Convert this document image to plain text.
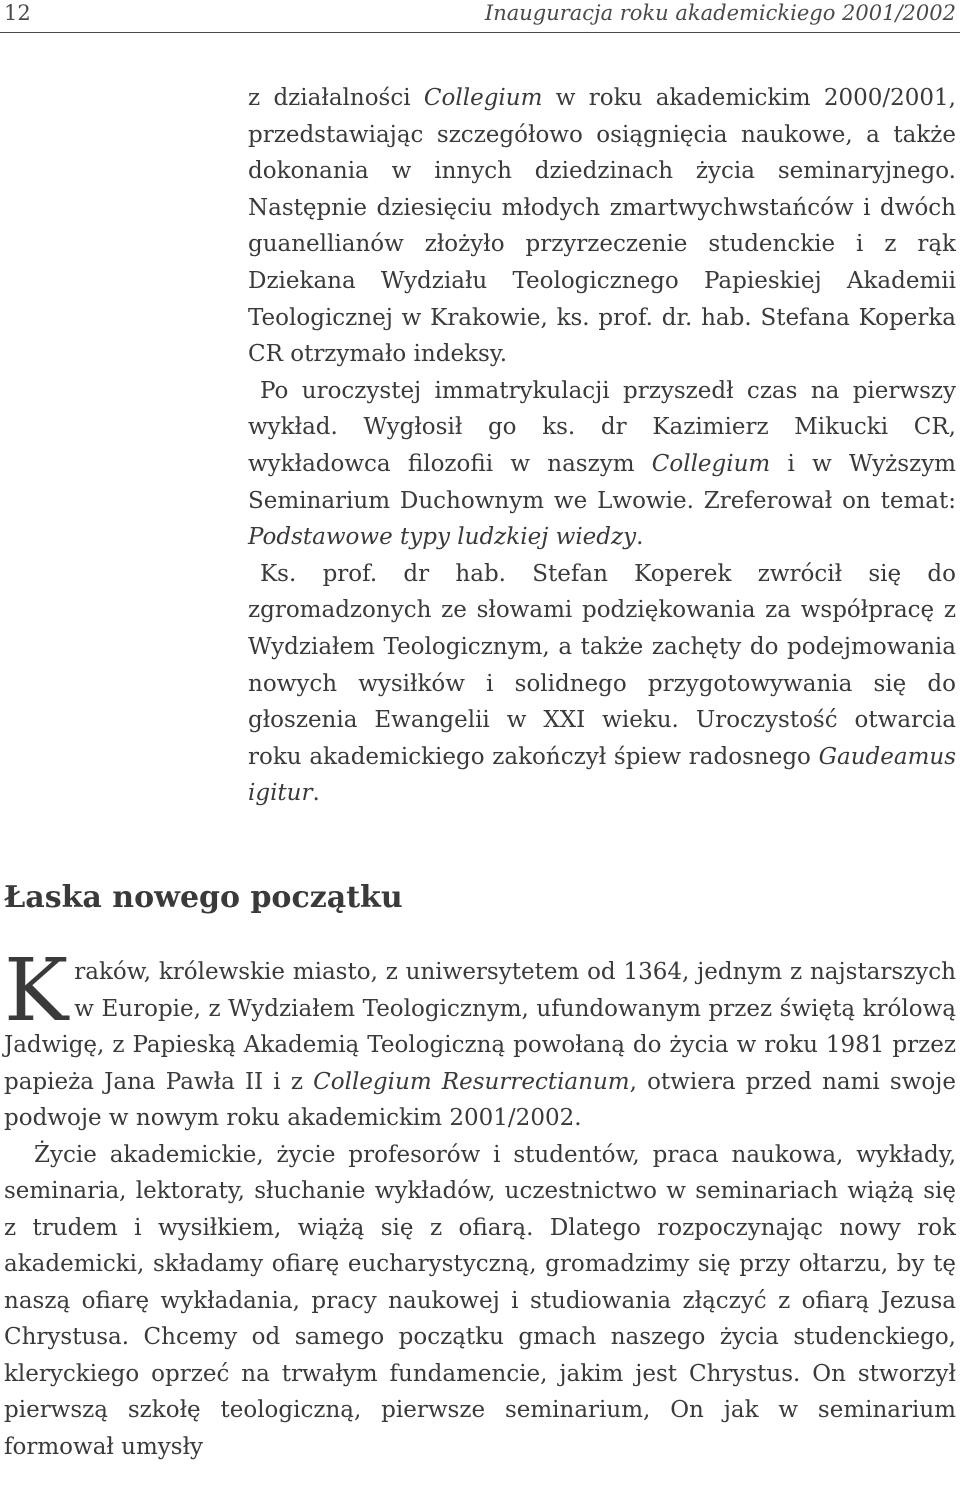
12	Inauguracja roku akademickiego 2001/2002

z działalności Collegium w roku akademickim 2000/2001, przedstawiając szczegółowo osiągnięcia naukowe, a także dokonania w innych dziedzinach życia seminaryjnego. Następnie dziesięciu młodych zmartwychwstańców i dwóch guanellianów złożyło przyrzeczenie studenckie i z rąk Dziekana Wydziału Teologicznego Papieskiej Akademii Teologicznej w Krakowie, ks. prof. dr. hab. Stefana Koperka CR otrzymało indeksy.

Po uroczystej immatrykulacji przyszedł czas na pierwszy wykład. Wygłosił go ks. dr Kazimierz Mikucki CR, wykładowca filozofii w naszym Collegium i w Wyższym Seminarium Duchownym we Lwowie. Zreferował on temat: Podstawowe typy ludzkiej wiedzy.

Ks. prof. dr hab. Stefan Koperek zwrócił się do zgromadzonych ze słowami podziękowania za współpracę z Wydziałem Teologicznym, a także zachęty do podejmowania nowych wysiłków i solidnego przygotowywania się do głoszenia Ewangelii w XXI wieku. Uroczystość otwarcia roku akademickiego zakończył śpiew radosnego Gaudeamus igitur.

Łaska nowego początku

Kraków, królewskie miasto, z uniwersytetem od 1364, jednym z najstarszych w Europie, z Wydziałem Teologicznym, ufundowanym przez świętą królową Jadwigę, z Papieską Akademią Teologiczną powołaną do życia w roku 1981 przez papieża Jana Pawła II i z Collegium Resurrectianum, otwiera przed nami swoje podwoje w nowym roku akademickim 2001/2002.

Życie akademickie, życie profesorów i studentów, praca naukowa, wykłady, seminaria, lektoraty, słuchanie wykładów, uczestnictwo w seminariach wiążą się z trudem i wysiłkiem, wiążą się z ofiarą. Dlatego rozpoczynając nowy rok akademicki, składamy ofiarę eucharystyczną, gromadzimy się przy ołtarzu, by tę naszą ofiarę wykładania, pracy naukowej i studiowania złączyć z ofiarą Jezusa Chrystusa. Chcemy od samego początku gmach naszego życia studenckiego, kleryckiego oprzeć na trwałym fundamencie, jakim jest Chrystus. On stworzył pierwszą szkołę teologiczną, pierwsze seminarium, On jak w seminarium formował umysły
